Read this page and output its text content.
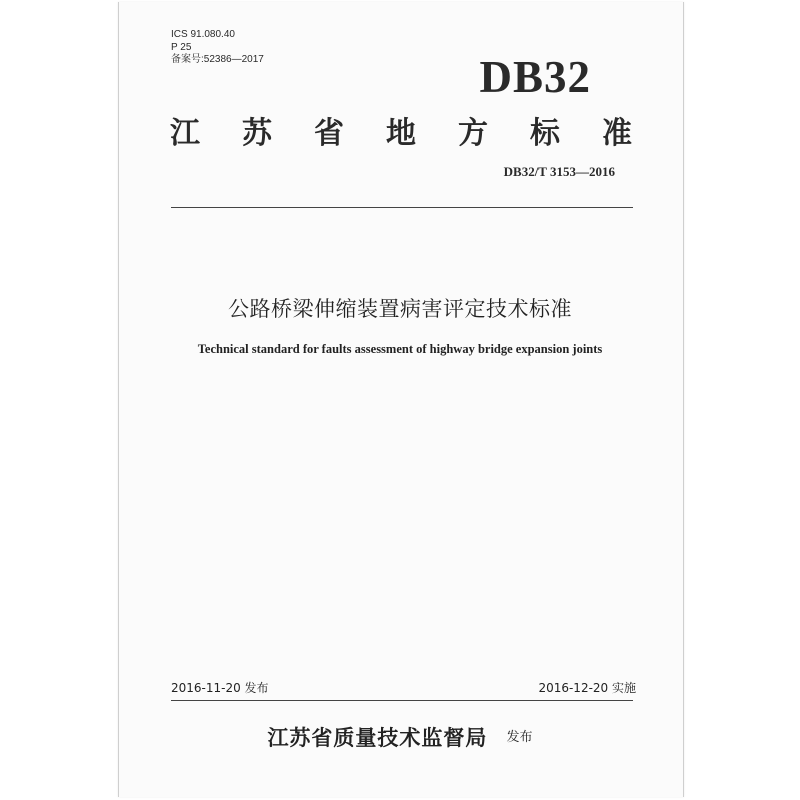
ICS 91.080.40
P 25
备案号:52386—2017	DB32
江 苏 省 地 方 标 准
DB32/T 3153—2016
公路桥梁伸缩装置病害评定技术标准
Technical standard for faults assessment of highway bridge expansion joints
2016-11-20 发布	2016-12-20 实施
江苏省质量技术监督局 发布
